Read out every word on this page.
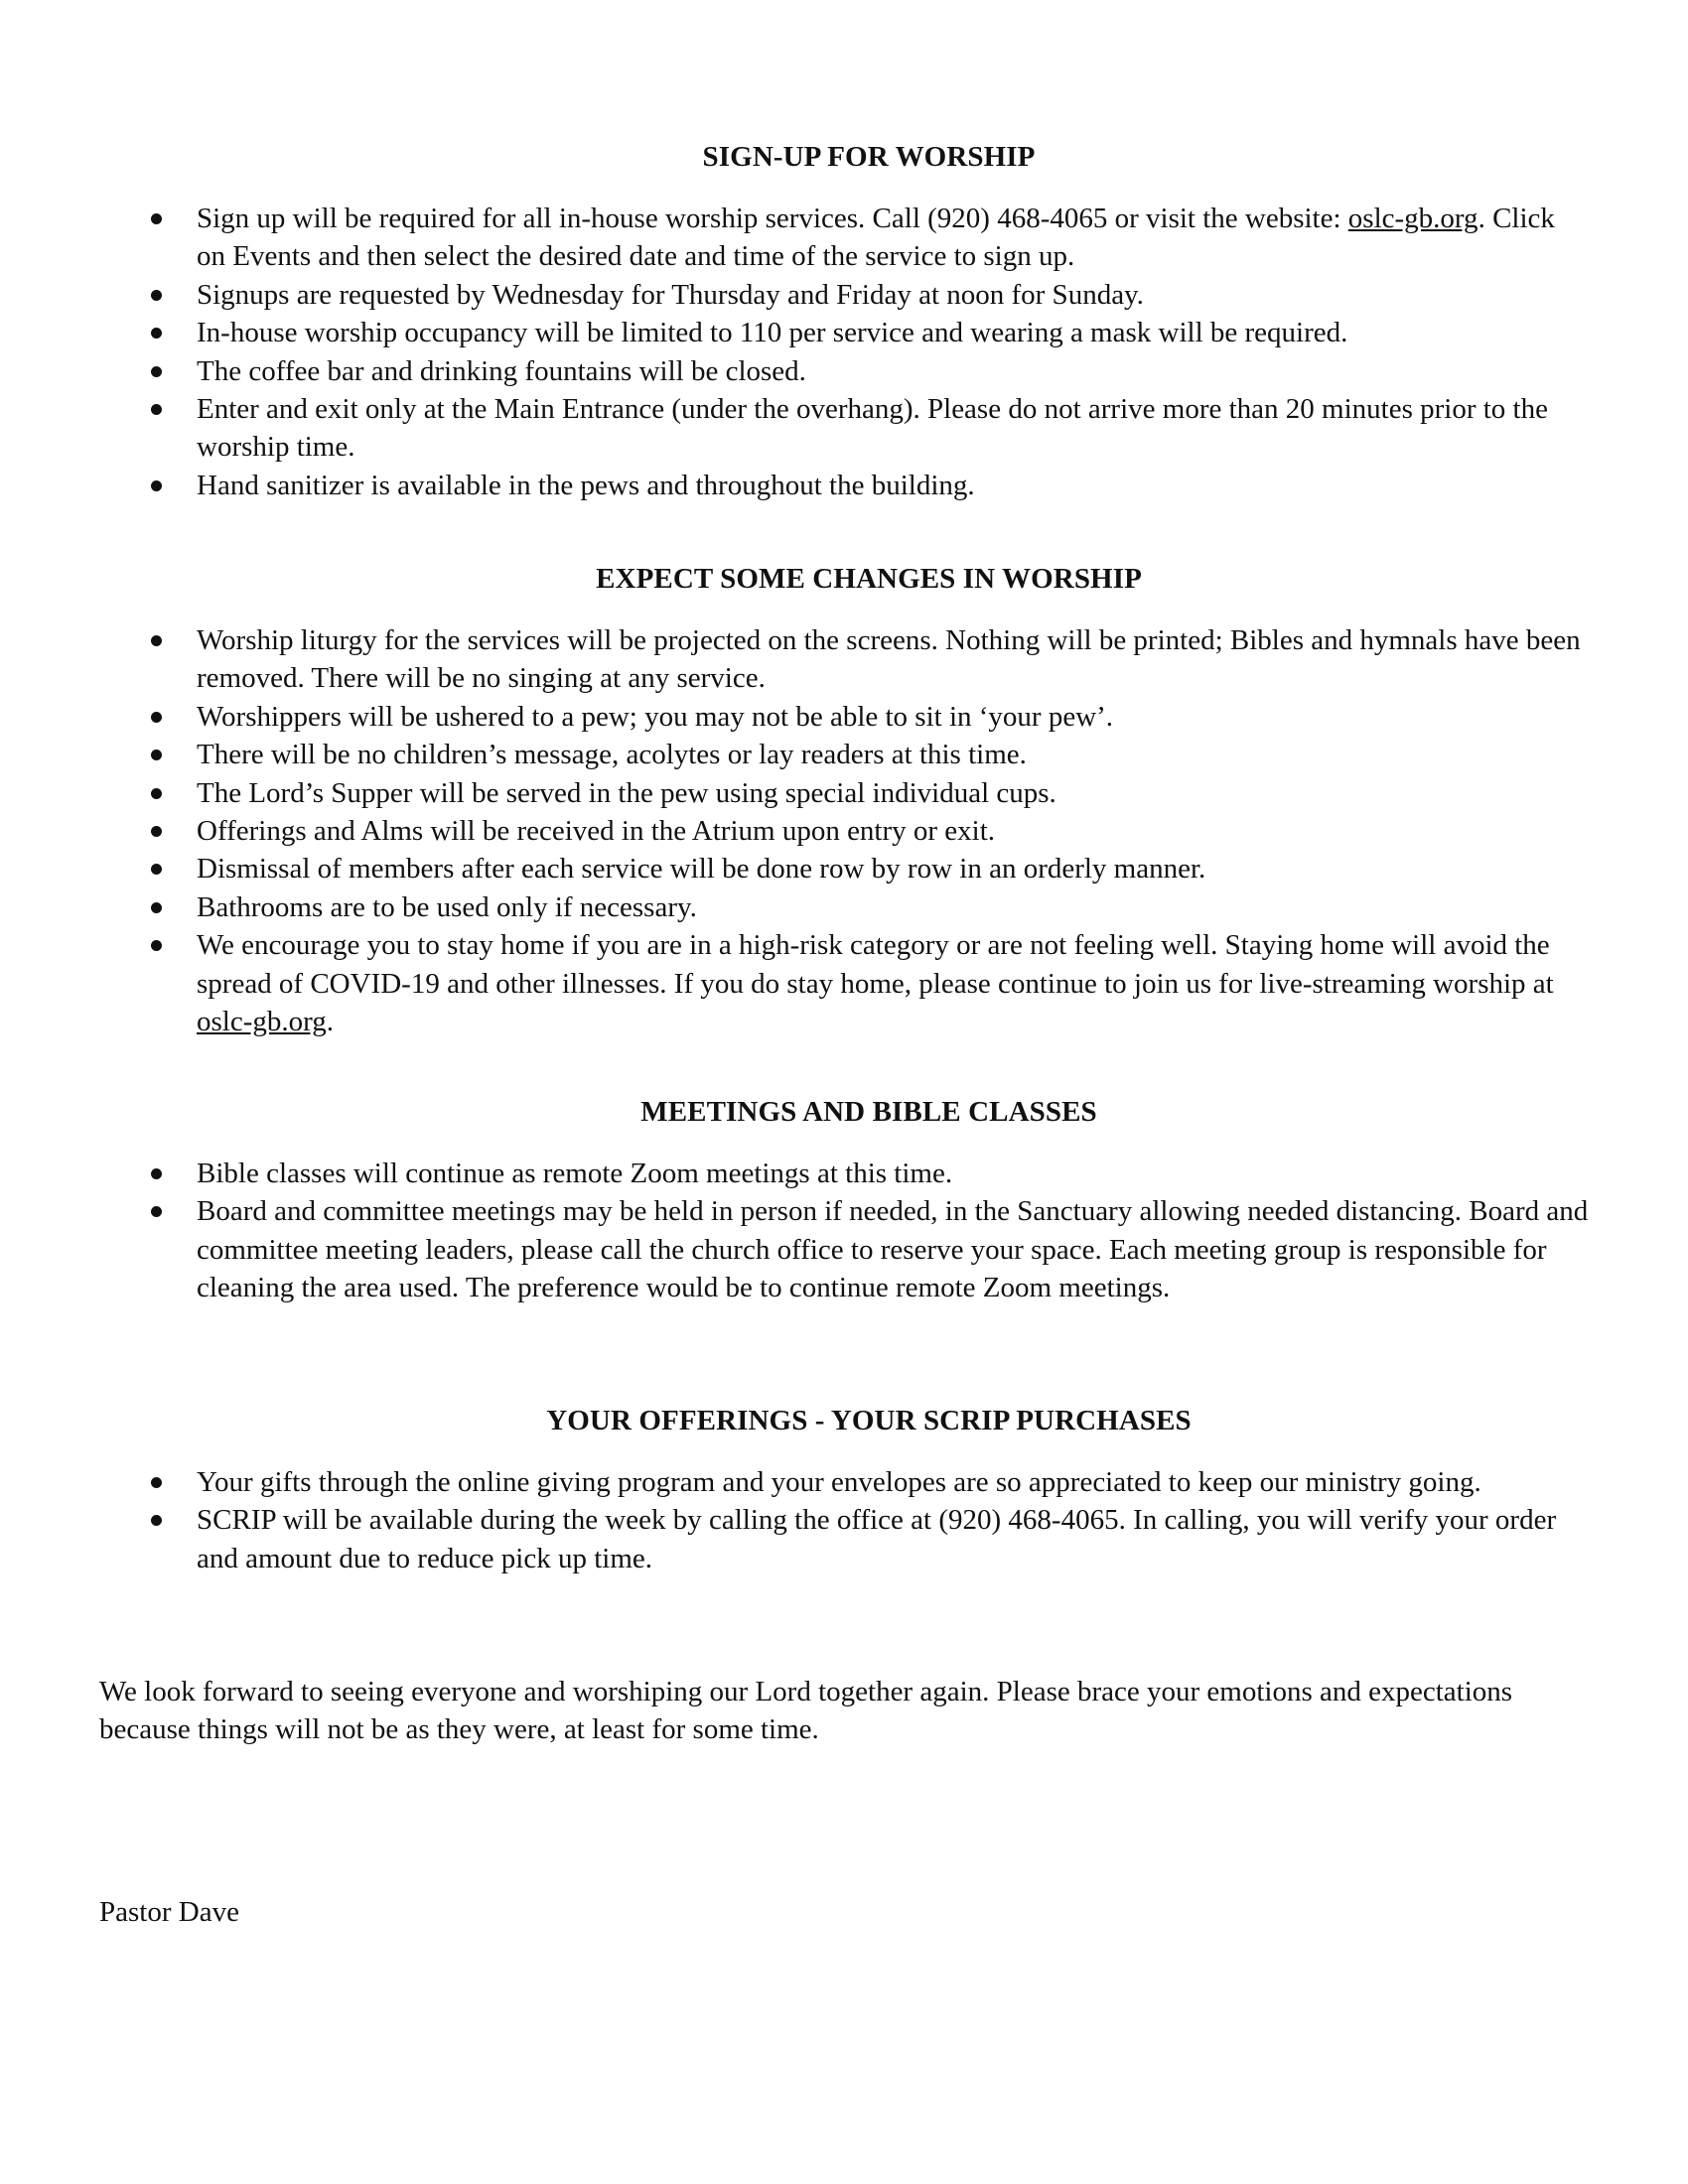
SIGN-UP FOR WORSHIP
Sign up will be required for all in-house worship services. Call (920) 468-4065 or visit the website: oslc-gb.org. Click on Events and then select the desired date and time of the service to sign up.
Signups are requested by Wednesday for Thursday and Friday at noon for Sunday.
In-house worship occupancy will be limited to 110 per service and wearing a mask will be required.
The coffee bar and drinking fountains will be closed.
Enter and exit only at the Main Entrance (under the overhang). Please do not arrive more than 20 minutes prior to the worship time.
Hand sanitizer is available in the pews and throughout the building.
EXPECT SOME CHANGES IN WORSHIP
Worship liturgy for the services will be projected on the screens. Nothing will be printed; Bibles and hymnals have been removed. There will be no singing at any service.
Worshippers will be ushered to a pew; you may not be able to sit in ‘your pew’.
There will be no children’s message, acolytes or lay readers at this time.
The Lord’s Supper will be served in the pew using special individual cups.
Offerings and Alms will be received in the Atrium upon entry or exit.
Dismissal of members after each service will be done row by row in an orderly manner.
Bathrooms are to be used only if necessary.
We encourage you to stay home if you are in a high-risk category or are not feeling well. Staying home will avoid the spread of COVID-19 and other illnesses. If you do stay home, please continue to join us for live-streaming worship at oslc-gb.org.
MEETINGS AND BIBLE CLASSES
Bible classes will continue as remote Zoom meetings at this time.
Board and committee meetings may be held in person if needed, in the Sanctuary allowing needed distancing. Board and committee meeting leaders, please call the church office to reserve your space. Each meeting group is responsible for cleaning the area used. The preference would be to continue remote Zoom meetings.
YOUR OFFERINGS - YOUR SCRIP PURCHASES
Your gifts through the online giving program and your envelopes are so appreciated to keep our ministry going.
SCRIP will be available during the week by calling the office at (920) 468-4065. In calling, you will verify your order and amount due to reduce pick up time.

We look forward to seeing everyone and worshiping our Lord together again. Please brace your emotions and expectations because things will not be as they were, at least for some time.

Pastor Dave
